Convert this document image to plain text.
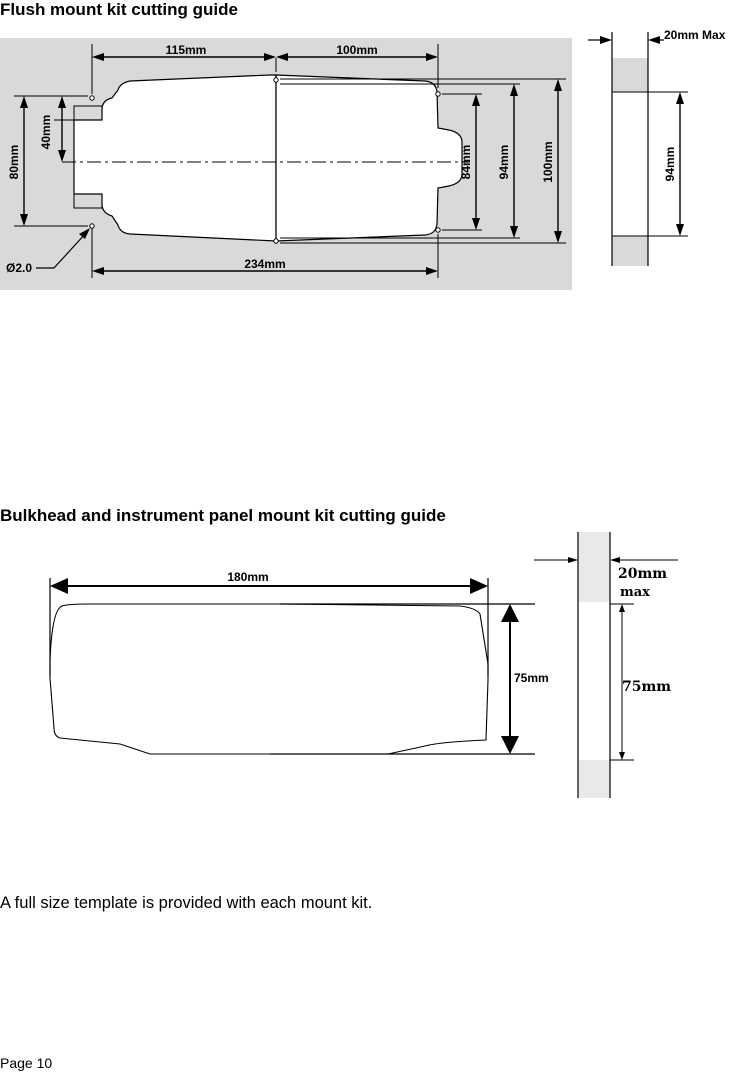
Flush mount kit cutting guide
115mm	100mm
234mm
80mm
40mm
84mm 94mm	100mm
Ø2.0
20mm Max
94mm
Bulkhead and instrument panel mount kit cutting guide
180mm
75mm
20mm
max
75mm

A full size template is provided with each mount kit.

Page 10
